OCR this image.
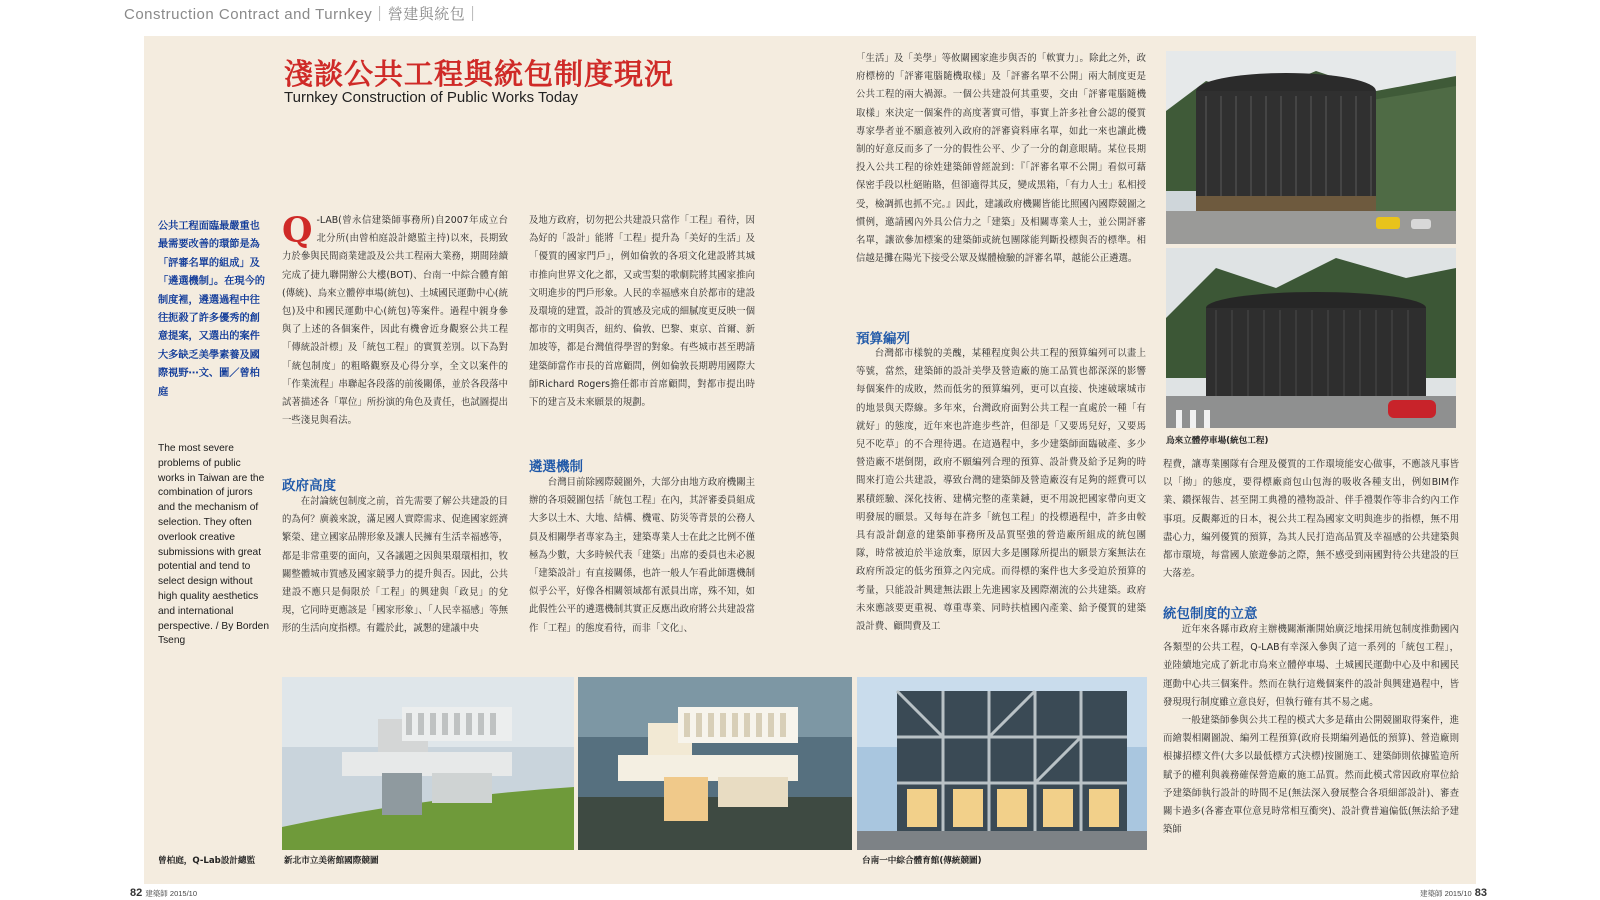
Construction Contract and Turnkey｜營建與統包｜
淺談公共工程與統包制度現況
Turnkey Construction of Public Works Today
公共工程面臨最嚴重也最需要改善的環節是為「評審名單的組成」及「遴選機制」。在現今的制度裡，遴選過程中往往扼殺了許多優秀的創意提案，又選出的案件大多缺乏美學素養及國際視野⋯文、圖／曾柏庭
The most severe problems of public works in Taiwan are the combination of jurors and the mechanism of selection. They often overlook creative submissions with great potential and tend to select design without high quality aesthetics and international perspective. / By Borden Tseng
Q -LAB(曾永信建築師事務所)自2007年成立台北分所(由曾柏庭設計總監主持)以來，長期致力於參與民間商業建設及公共工程兩大業務，期間陸續完成了捷九聯開辦公大樓(BOT)、台南一中綜合體育館(傳統)、烏來立體停車場(統包)、土城國民運動中心(統包)及中和國民運動中心(統包)等案件。過程中親身參與了上述的各個案件，因此有機會近身觀察公共工程「傳統設計標」及「統包工程」的實質差別。以下為對「統包制度」的粗略觀察及心得分享，全文以案件的「作業流程」串聯起各段落的前後關係，並於各段落中試著描述各「單位」所扮演的角色及責任，也試圖提出一些淺見與看法。

政府高度

在討論統包制度之前，首先需要了解公共建設的目的為何？廣義來說，滿足國人實際需求、促進國家經濟繁榮、建立國家品牌形象及讓人民擁有生活幸福感等，都是非常重要的面向，又各議題之因與果環環相扣，牧關整體城市質感及國家競爭力的提升與否。因此，公共建設不應只是侷限於「工程」的興建與「政見」的兌現，它同時更應該是「國家形象」、「人民幸福感」等無形的生活向度指標。有鑑於此，誠懇的建議中央

及地方政府，切勿把公共建設只當作「工程」看待，因為好的「設計」能將「工程」提升為「美好的生活」及「優質的國家門戶」，例如倫敦的各項文化建設將其城市推向世界文化之都，又或雪梨的歌劇院將其國家推向文明進步的門戶形象。人民的幸福感來自於都市的建設及環境的建置，設計的質感及完成的細膩度更反映一個都市的文明與否，紐約、倫敦、巴黎、東京、首爾、新加坡等，都是台灣值得學習的對象。有些城市甚至聘請建築師當作市長的首席顧問，例如倫敦長期聘用國際大師Richard Rogers擔任都市首席顧問，對都市提出時下的建言及未來願景的規劃。

遴選機制

台灣目前除國際競圖外，大部分由地方政府機關主辦的各項競圖包括「統包工程」在內，其評審委員組成大多以土木、大地、結構、機電、防災等背景的公務人員及相關學者專家為主，建築專業人士在此之比例不僅極為少數，大多時候代表「建築」出席的委員也未必親「建築設計」有直接關係，也許一般人乍看此師選機制似乎公平，好像各相關領域都有派員出席，殊不知，如此假性公平的遴選機制其實正反應出政府將公共建設當作「工程」的態度看待，而非「文化」、

「生活」及「美學」等攸關國家進步與否的「軟實力」。除此之外，政府標榜的「評審電腦隨機取樣」及「評審名單不公開」兩大制度更是公共工程的兩大禍源。一個公共建設何其重要，交由「評審電腦隨機取樣」來決定一個案件的高度著實可惜，事實上許多社會公認的優質專家學者並不願意被列入政府的評審資料庫名單，如此一來也讓此機制的好意反而多了一分的假性公平、少了一分的創意眼睛。某位長期投入公共工程的徐姓建築師曾經說到：『「評審名單不公開」看似可藉保密手段以杜絕賄賂，但卻適得其反，變成黑箱，「有力人士」私相授受，檢調抓也抓不完。』因此，建議政府機關皆能比照國內國際競圖之慣例，邀請國內外具公信力之「建築」及相關專業人士，並公開評審名單，讓欲參加標案的建築師或統包團隊能判斷投標與否的標準。相信越是攤在陽光下接受公眾及媒體檢驗的評審名單，越能公正遴選。

預算編列

台灣都市樣貌的美醜，某種程度與公共工程的預算編列可以畫上等號，當然，建築師的設計美學及營造廠的施工品質也都深深的影響每個案件的成敗，然而低劣的預算編列，更可以直接、快速破壞城市的地景與天際線。多年來，台灣政府面對公共工程一直處於一種「有就好」的態度，近年來也許進步些許，但卻是「又要馬兒好，又要馬兒不吃草」的不合理待遇。在這過程中，多少建築師面臨破產、多少營造廠不堪倒閉，政府不願編列合理的預算、設計費及給予足夠的時間來打造公共建設，導致台灣的建築師及營造廠沒有足夠的經費可以累積經驗、深化技術、建構完整的產業鏈，更不用說把國家帶向更文明發展的願景。又每每在許多「統包工程」的投標過程中，許多由較具有設計創意的建築師事務所及品質堅強的營造廠所組成的統包團隊，時常被迫於半途放棄，原因大多是團隊所提出的願景方案無法在政府所設定的低劣預算之內完成。而得標的案件也大多受迫於預算的考量，只能設計興建無法跟上先進國家及國際潮流的公共建築。政府未來應該要更重視、尊重專業、同時扶植國內產業、給予優質的建築設計費、顧問費及工

程費，讓專業團隊有合理及優質的工作環境能安心做事，不應該凡事皆以「拗」的態度，要得標廠商包山包海的吸收各種支出，例如BIM作業、鑽探報告、甚至開工典禮的禮物設計、伴手禮製作等非合約內工作事項。反觀鄰近的日本，視公共工程為國家文明與進步的指標，無不用盡心力，編列優質的預算，為其人民打造高品質及幸福感的公共建築與都市環境，每當國人旅遊參訪之際，無不感受到兩國對待公共建設的巨大落差。

統包制度的立意

近年來各縣市政府主辦機關漸漸開始廣泛地採用統包制度推動國內各類型的公共工程，Q-LAB有幸深入參與了這一系列的「統包工程」，並陸續地完成了新北市烏來立體停車場、土城國民運動中心及中和國民運動中心共三個案件。然而在執行這幾個案件的設計與興建過程中，皆發現現行制度雖立意良好，但執行確有其不易之處。

一般建築師參與公共工程的模式大多是藉由公開競圖取得案件，進而繪製相關圖說、編列工程預算(政府長期編列過低的預算)、營造廠則根據招標文件(大多以最低標方式決標)按圖施工、建築師則依據監造所賦予的權利與義務確保營造廠的施工品質。然而此模式常因政府單位給予建築師執行設計的時間不足(無法深入發展整合各項細部設計)、審查關卡過多(各審查單位意見時常相互衝突)、設計費普遍偏低(無法給予建築師

烏來立體停車場(統包工程)
曾柏庭，Q-Lab設計總監	新北市立美術館國際競圖	台南一中綜合體育館(傳統競圖)
82 建築師 2015/10	建築師 2015/10 83
